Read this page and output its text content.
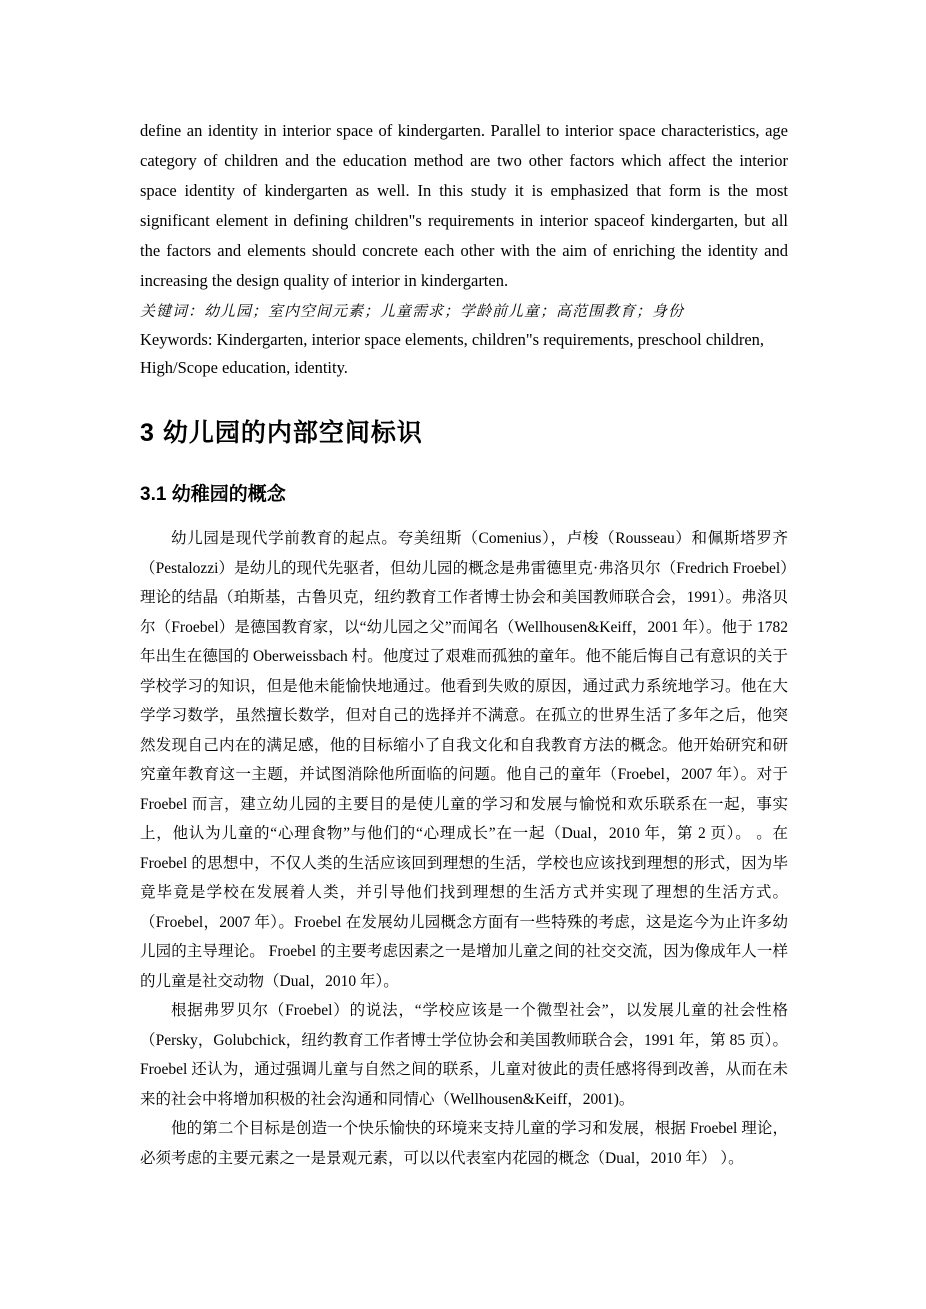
define an identity in interior space of kindergarten. Parallel to interior space characteristics, age category of children and the education method are two other factors which affect the interior space identity of kindergarten as well. In this study it is emphasized that form is the most significant element in defining children"s requirements in interior spaceof kindergarten, but all the factors and elements should concrete each other with the aim of enriching the identity and increasing the design quality of interior in kindergarten.

关键词：幼儿园；室内空间元素；儿童需求；学龄前儿童；高范围教育；身份

Keywords: Kindergarten, interior space elements, children"s requirements, preschool children, High/Scope education, identity.

3 幼儿园的内部空间标识
3.1 幼稚园的概念

幼儿园是现代学前教育的起点。夸美纽斯（Comenius），卢梭（Rousseau）和佩斯塔罗齐（Pestalozzi）是幼儿的现代先驱者，但幼儿园的概念是弗雷德里克·弗洛贝尔（Fredrich Froebel）理论的结晶（珀斯基，古鲁贝克，纽约教育工作者博士协会和美国教师联合会，1991）。弗洛贝尔（Froebel）是德国教育家，以“幼儿园之父”而闻名（Wellhousen&Keiff，2001 年）。他于 1782 年出生在德国的 Oberweissbach 村。他度过了艰难而孤独的童年。他不能后悔自己有意识的关于学校学习的知识，但是他未能愉快地通过。他看到失败的原因，通过武力系统地学习。他在大学学习数学，虽然擅长数学，但对自己的选择并不满意。在孤立的世界生活了多年之后，他突然发现自己内在的满足感，他的目标缩小了自我文化和自我教育方法的概念。他开始研究和研究童年教育这一主题，并试图消除他所面临的问题。他自己的童年（Froebel，2007 年）。对于 Froebel 而言，建立幼儿园的主要目的是使儿童的学习和发展与愉悦和欢乐联系在一起，事实上，他认为儿童的“心理食物”与他们的“心理成长”在一起（Dual，2010 年，第 2 页）。 。在 Froebel 的思想中，不仅人类的生活应该回到理想的生活，学校也应该找到理想的形式，因为毕竟毕竟是学校在发展着人类，并引导他们找到理想的生活方式并实现了理想的生活方式。 （Froebel，2007 年）。Froebel 在发展幼儿园概念方面有一些特殊的考虑，这是迄今为止许多幼儿园的主导理论。 Froebel 的主要考虑因素之一是增加儿童之间的社交交流，因为像成年人一样的儿童是社交动物（Dual，2010 年）。

根据弗罗贝尔（Froebel）的说法，“学校应该是一个微型社会”，以发展儿童的社会性格（Persky，Golubchick，纽约教育工作者博士学位协会和美国教师联合会，1991 年，第 85 页）。 Froebel 还认为，通过强调儿童与自然之间的联系，儿童对彼此的责任感将得到改善，从而在未来的社会中将增加积极的社会沟通和同情心（Wellhousen&Keiff，2001)。

他的第二个目标是创造一个快乐愉快的环境来支持儿童的学习和发展，根据 Froebel 理论，必须考虑的主要元素之一是景观元素，可以以代表室内花园的概念（Dual，2010 年） ）。
